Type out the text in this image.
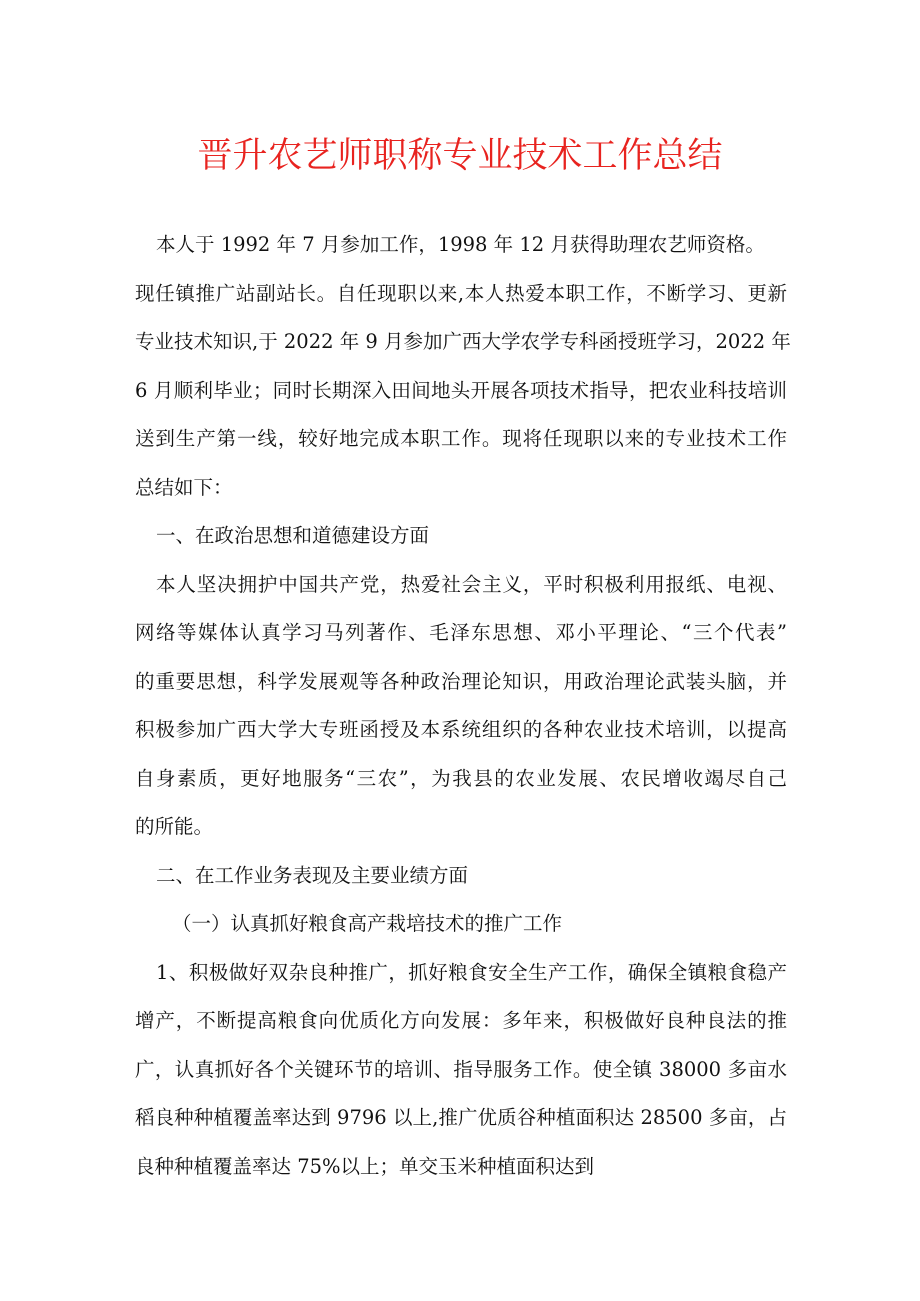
晋升农艺师职称专业技术工作总结
本人于 1992 年 7 月参加工作，1998 年 12 月获得助理农艺师资格。
现任镇推广站副站长。自任现职以来,本人热爱本职工作，不断学习、更新
专业技术知识,于 2022 年 9 月参加广西大学农学专科函授班学习，2022 年
6 月顺利毕业；同时长期深入田间地头开展各项技术指导，把农业科技培训
送到生产第一线，较好地完成本职工作。现将任现职以来的专业技术工作
总结如下：
一、在政治思想和道德建设方面
本人坚决拥护中国共产党，热爱社会主义，平时积极利用报纸、电视、
网络等媒体认真学习马列著作、毛泽东思想、邓小平理论、“三个代表”
的重要思想，科学发展观等各种政治理论知识，用政治理论武装头脑，并
积极参加广西大学大专班函授及本系统组织的各种农业技术培训，以提高
自身素质，更好地服务“三农”，为我县的农业发展、农民增收竭尽自己
的所能。
二、在工作业务表现及主要业绩方面
（一）认真抓好粮食高产栽培技术的推广工作
1、积极做好双杂良种推广，抓好粮食安全生产工作，确保全镇粮食稳产
增产，不断提高粮食向优质化方向发展：多年来，积极做好良种良法的推
广，认真抓好各个关键环节的培训、指导服务工作。使全镇 38000 多亩水
稻良种种植覆盖率达到 9796 以上,推广优质谷种植面积达 28500 多亩，占
良种种植覆盖率达 75%以上；单交玉米种植面积达到
